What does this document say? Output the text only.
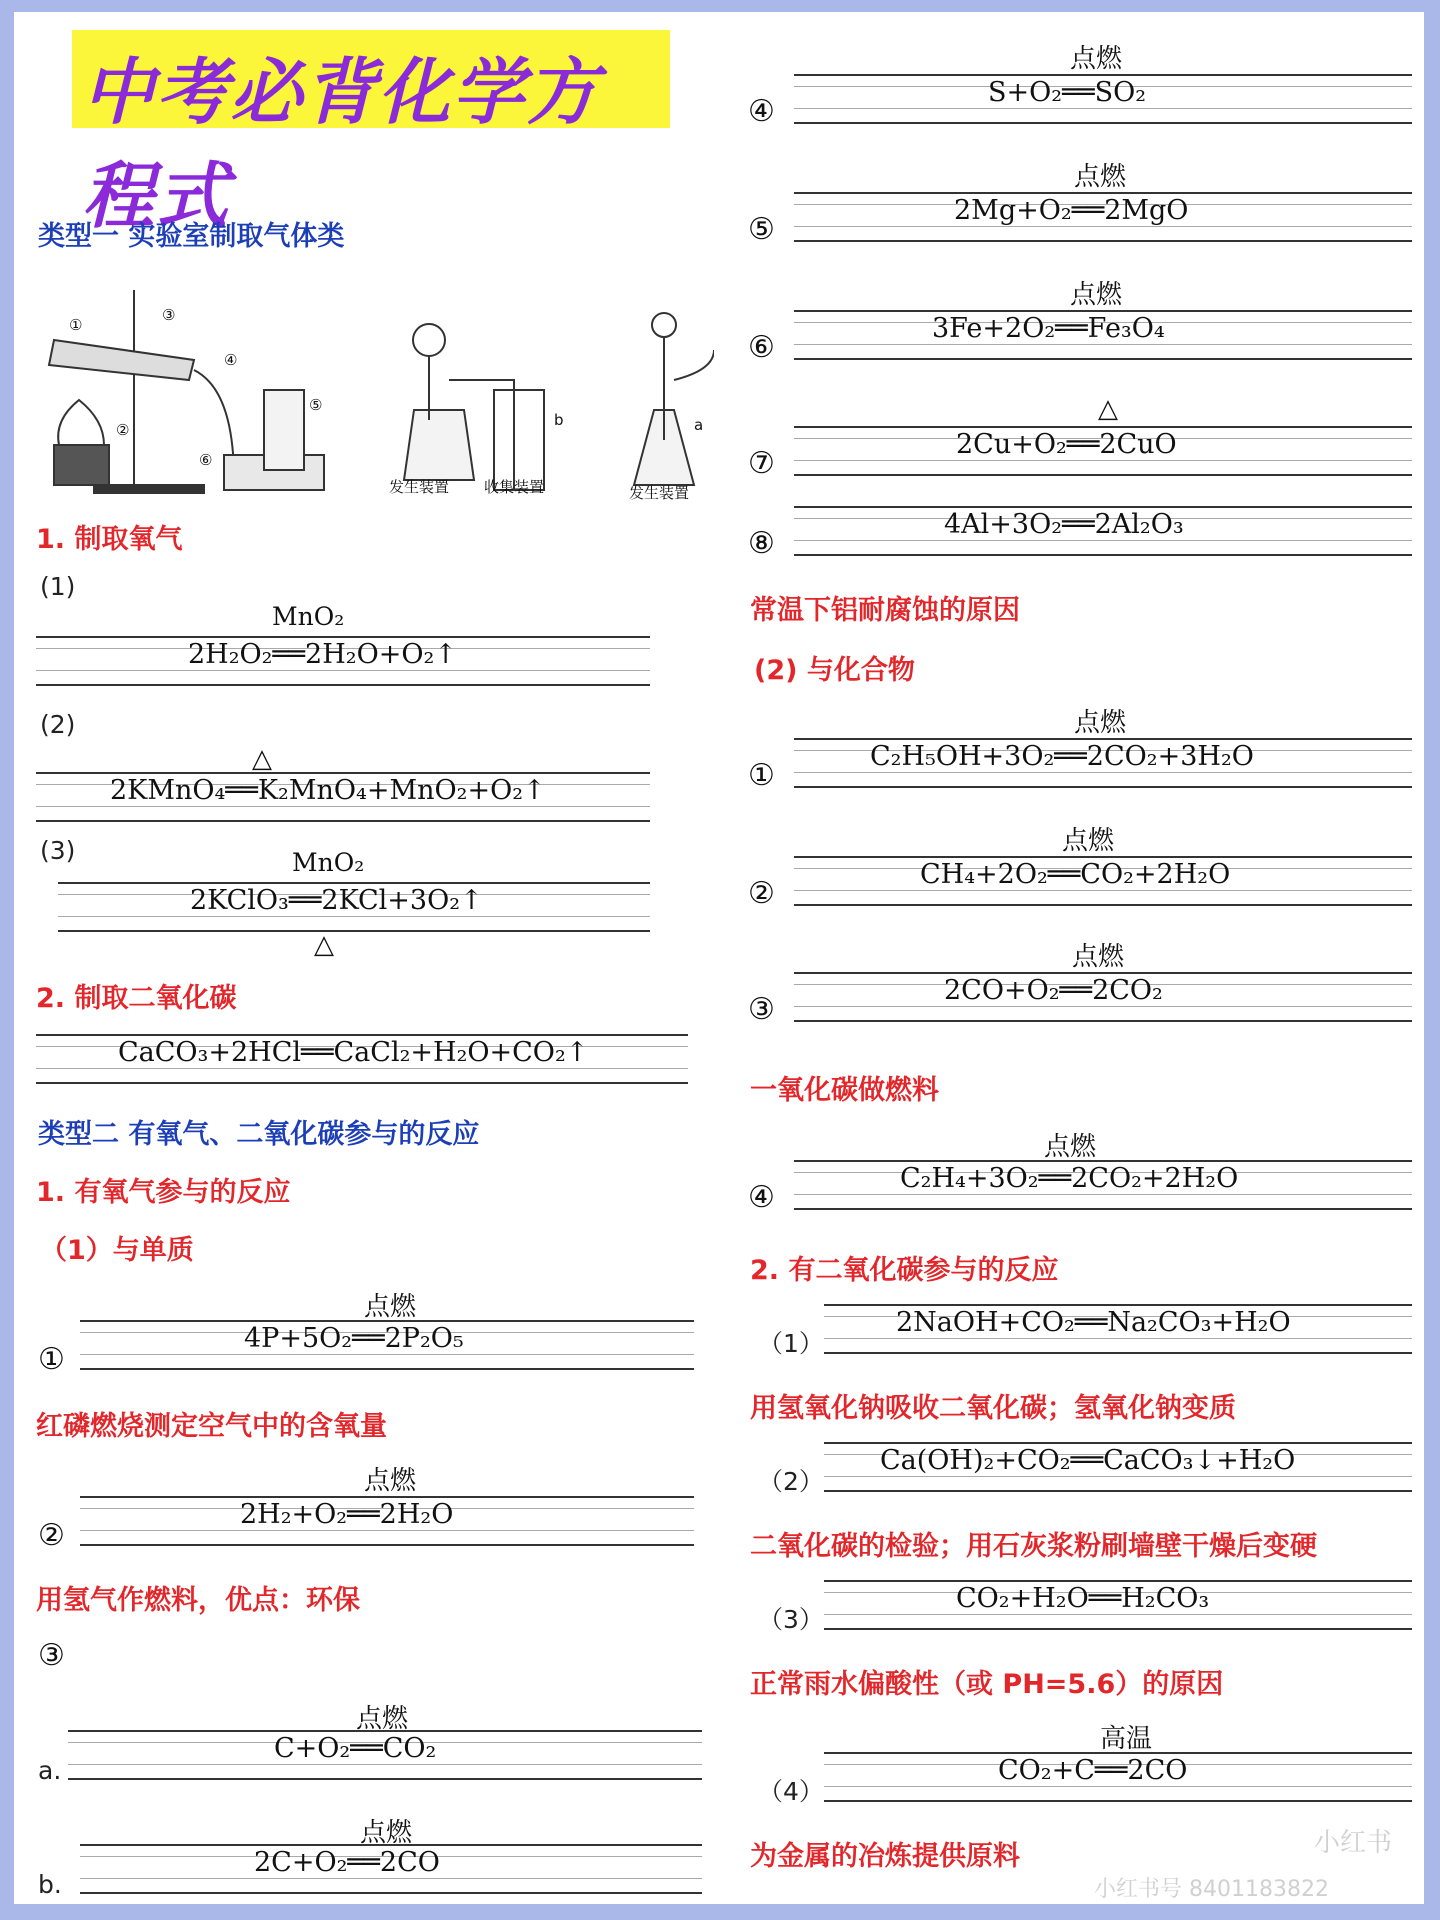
中考必背化学方程式
类型一 实验室制取气体类
发生装置 收集装置	发生装置
b	a
①
②
③
④
⑤
⑥
1. 制取氧气
(1)
MnO₂
2H₂O₂══2H₂O+O₂↑
(2)
△
2KMnO₄══K₂MnO₄+MnO₂+O₂↑
(3)	MnO₂
2KClO₃══2KCl+3O₂↑
△
2. 制取二氧化碳
CaCO₃+2HCl══CaCl₂+H₂O+CO₂↑
类型二 有氧气、二氧化碳参与的反应
1. 有氧气参与的反应
（1）与单质
点燃
4P+5O₂══2P₂O₅
①
红磷燃烧测定空气中的含氧量
点燃
2H₂+O₂══2H₂O
②
用氢气作燃料，优点：环保
③
点燃
C+O₂══CO₂
a.
点燃
2C+O₂══2CO
b.
点燃
S+O₂══SO₂
④
点燃
2Mg+O₂══2MgO
⑤
点燃
3Fe+2O₂══Fe₃O₄
⑥
△
2Cu+O₂══2CuO
⑦
4Al+3O₂══2Al₂O₃
⑧
常温下铝耐腐蚀的原因
(2) 与化合物
点燃
C₂H₅OH+3O₂══2CO₂+3H₂O
①
点燃
CH₄+2O₂══CO₂+2H₂O
②
点燃
2CO+O₂══2CO₂
③
一氧化碳做燃料
点燃
C₂H₄+3O₂══2CO₂+2H₂O
④
2. 有二氧化碳参与的反应
2NaOH+CO₂══Na₂CO₃+H₂O
（1）
用氢氧化钠吸收二氧化碳；氢氧化钠变质
Ca(OH)₂+CO₂══CaCO₃↓+H₂O
（2）
二氧化碳的检验；用石灰浆粉刷墙壁干燥后变硬
CO₂+H₂O══H₂CO₃
（3）
正常雨水偏酸性（或 PH=5.6）的原因
高温
CO₂+C══2CO
（4）
为金属的冶炼提供原料	小红书
小红书号 8401183822
